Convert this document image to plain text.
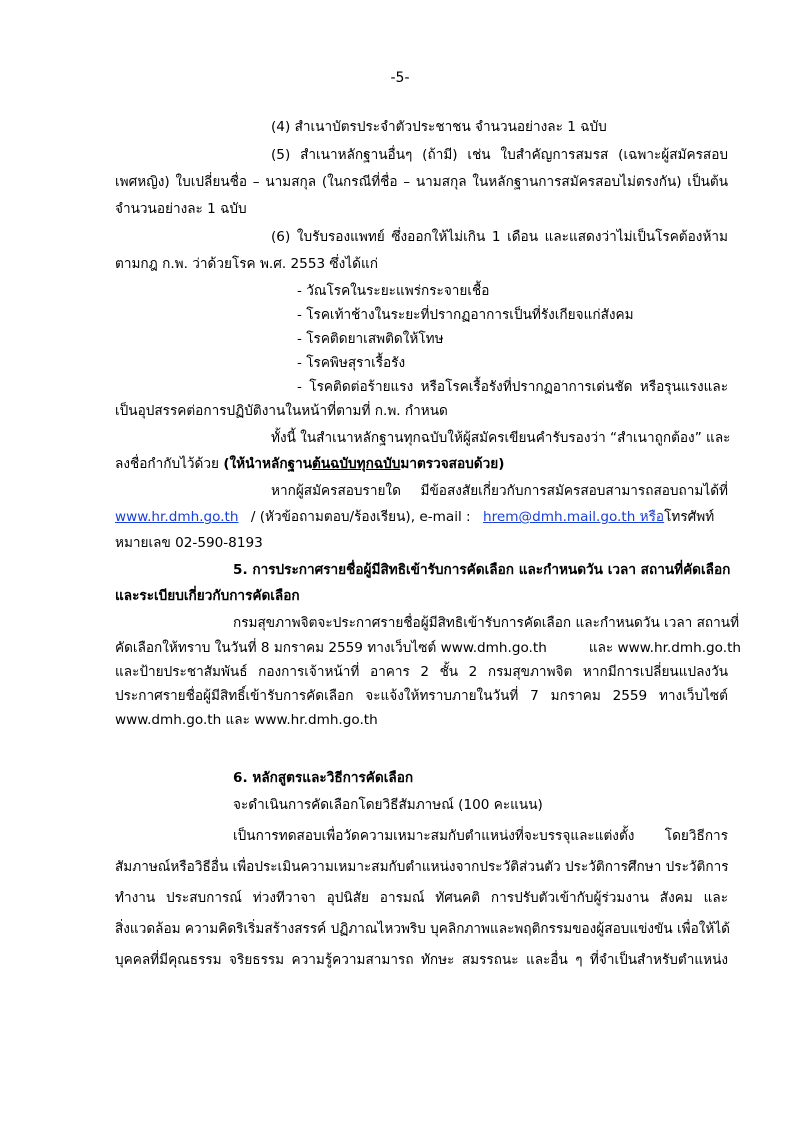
-5-
(4) สำเนาบัตรประจำตัวประชาชน จำนวนอย่างละ 1 ฉบับ
(5) สำเนาหลักฐานอื่นๆ (ถ้ามี) เช่น ใบสำคัญการสมรส (เฉพาะผู้สมัครสอบ
เพศหญิง) ใบเปลี่ยนชื่อ – นามสกุล (ในกรณีที่ชื่อ – นามสกุล ในหลักฐานการสมัครสอบไม่ตรงกัน) เป็นต้น
จำนวนอย่างละ 1 ฉบับ
(6) ใบรับรองแพทย์ ซึ่งออกให้ไม่เกิน 1 เดือน และแสดงว่าไม่เป็นโรคต้องห้าม
ตามกฎ ก.พ. ว่าด้วยโรค พ.ศ. 2553 ซึ่งได้แก่
- วัณโรคในระยะแพร่กระจายเชื้อ
- โรคเท้าช้างในระยะที่ปรากฏอาการเป็นที่รังเกียจแก่สังคม
- โรคติดยาเสพติดให้โทษ
- โรคพิษสุราเรื้อรัง
- โรคติดต่อร้ายแรง หรือโรคเรื้อรังที่ปรากฏอาการเด่นชัด หรือรุนแรงและ
เป็นอุปสรรคต่อการปฏิบัติงานในหน้าที่ตามที่ ก.พ. กำหนด
ทั้งนี้ ในสำเนาหลักฐานทุกฉบับให้ผู้สมัครเขียนคำรับรองว่า “สำเนาถูกต้อง” และ
ลงชื่อกำกับไว้ด้วย (ให้นำหลักฐานต้นฉบับทุกฉบับมาตรวจสอบด้วย)
หากผู้สมัครสอบรายใด มีข้อสงสัยเกี่ยวกับการสมัครสอบสามารถสอบถามได้ที่
www.hr.dmh.go.th / (หัวข้อถามตอบ/ร้องเรียน), e-mail : hrem@dmh.mail.go.th หรือโทรศัพท์
หมายเลข 02-590-8193
5. การประกาศรายชื่อผู้มีสิทธิเข้ารับการคัดเลือก และกำหนดวัน เวลา สถานที่คัดเลือก
และระเบียบเกี่ยวกับการคัดเลือก
กรมสุขภาพจิตจะประกาศรายชื่อผู้มีสิทธิเข้ารับการคัดเลือก และกำหนดวัน เวลา สถานที่
คัดเลือกให้ทราบ ในวันที่ 8 มกราคม 2559 ทางเว็บไซต์ www.dmh.go.th	และ www.hr.dmh.go.th
และป้ายประชาสัมพันธ์ กองการเจ้าหน้าที่ อาคาร 2 ชั้น 2 กรมสุขภาพจิต หากมีการเปลี่ยนแปลงวัน
ประกาศรายชื่อผู้มีสิทธิ์เข้ารับการคัดเลือก จะแจ้งให้ทราบภายในวันที่ 7 มกราคม 2559 ทางเว็บไซต์
www.dmh.go.th และ www.hr.dmh.go.th
6. หลักสูตรและวิธีการคัดเลือก
จะดำเนินการคัดเลือกโดยวิธีสัมภาษณ์ (100 คะแนน)
เป็นการทดสอบเพื่อวัดความเหมาะสมกับตำแหน่งที่จะบรรจุและแต่งตั้ง โดยวิธีการ
สัมภาษณ์หรือวิธีอื่น เพื่อประเมินความเหมาะสมกับตำแหน่งจากประวัติส่วนตัว ประวัติการศึกษา ประวัติการ
ทำงาน ประสบการณ์ ท่วงทีวาจา อุปนิสัย อารมณ์ ทัศนคติ การปรับตัวเข้ากับผู้ร่วมงาน สังคม และ
สิ่งแวดล้อม ความคิดริเริ่มสร้างสรรค์ ปฏิภาณไหวพริบ บุคลิกภาพและพฤติกรรมของผู้สอบแข่งขัน เพื่อให้ได้
บุคคลที่มีคุณธรรม จริยธรรม ความรู้ความสามารถ ทักษะ สมรรถนะ และอื่น ๆ ที่จำเป็นสำหรับตำแหน่ง
